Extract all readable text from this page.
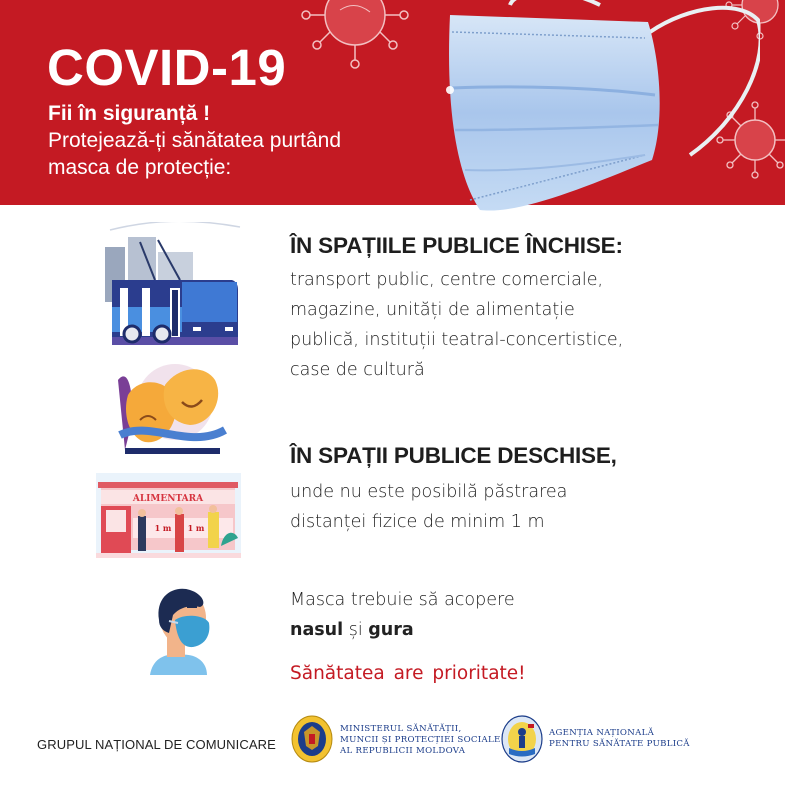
COVID-19
Fii în siguranță !
Protejează-ți sănătatea purtând
masca de protecție:
ALIMENTARA
1 m 1 m
ÎN SPAȚIILE PUBLICE ÎNCHISE:
transport public, centre comerciale,
magazine, unități de alimentație
publică, instituții teatral-concertistice,
case de cultură
ÎN SPAȚII PUBLICE DESCHISE,
unde nu este posibilă păstrarea
distanței fizice de minim 1 m
Masca trebuie să acopere
nasul și gura
Sănătatea are prioritate!
GRUPUL NAȚIONAL DE COMUNICARE
MINISTERUL SĂNĂTĂȚII,
MUNCII ȘI PROTECȚIEI SOCIALE
AL REPUBLICII MOLDOVA
AGENȚIA NAȚIONALĂ
PENTRU SĂNĂTATE PUBLICĂ
